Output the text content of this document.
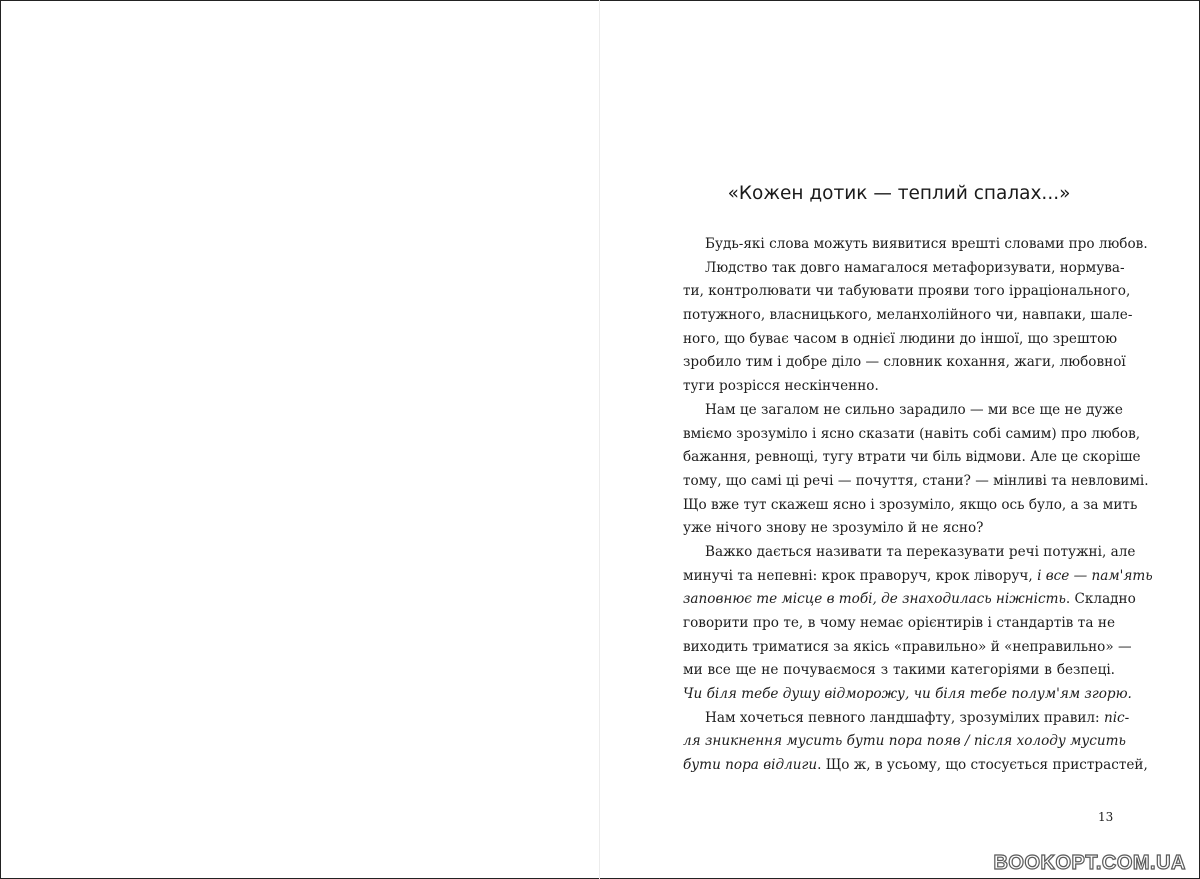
«Кожен дотик — теплий спалах...»
Будь-які слова можуть виявитися врешті словами про любов.
Людство так довго намагалося метафоризувати, нормува-
ти, контролювати чи табуювати прояви того ірраціонального,
потужного, власницького, меланхолійного чи, навпаки, шале-
ного, що буває часом в однієї людини до іншої, що зрештою
зробило тим і добре діло — словник кохання, жаги, любовної
туги розрісся нескінченно.
Нам це загалом не сильно зарадило — ми все ще не дуже
вміємо зрозуміло і ясно сказати (навіть собі самим) про любов,
бажання, ревнощі, тугу втрати чи біль відмови. Але це скоріше
тому, що самі ці речі — почуття, стани? — мінливі та невловимі.
Що вже тут скажеш ясно і зрозуміло, якщо ось було, а за мить
уже нічого знову не зрозуміло й не ясно?
Важко дається називати та переказувати речі потужні, але
минучі та непевні: крок праворуч, крок ліворуч, і все — пам'ять
заповнює те місце в тобі, де знаходилась ніжність. Складно
говорити про те, в чому немає орієнтирів і стандартів та не
виходить триматися за якісь «правильно» й «неправильно» —
ми все ще не почуваємося з такими категоріями в безпеці.
Чи біля тебе душу відморожу, чи біля тебе полум'ям згорю.
Нам хочеться певного ландшафту, зрозумілих правил: піс-
ля зникнення мусить бути пора появ / після холоду мусить
бути пора відлиги. Що ж, в усьому, що стосується пристрастей,
13
BOOKOPT.COM.UA
